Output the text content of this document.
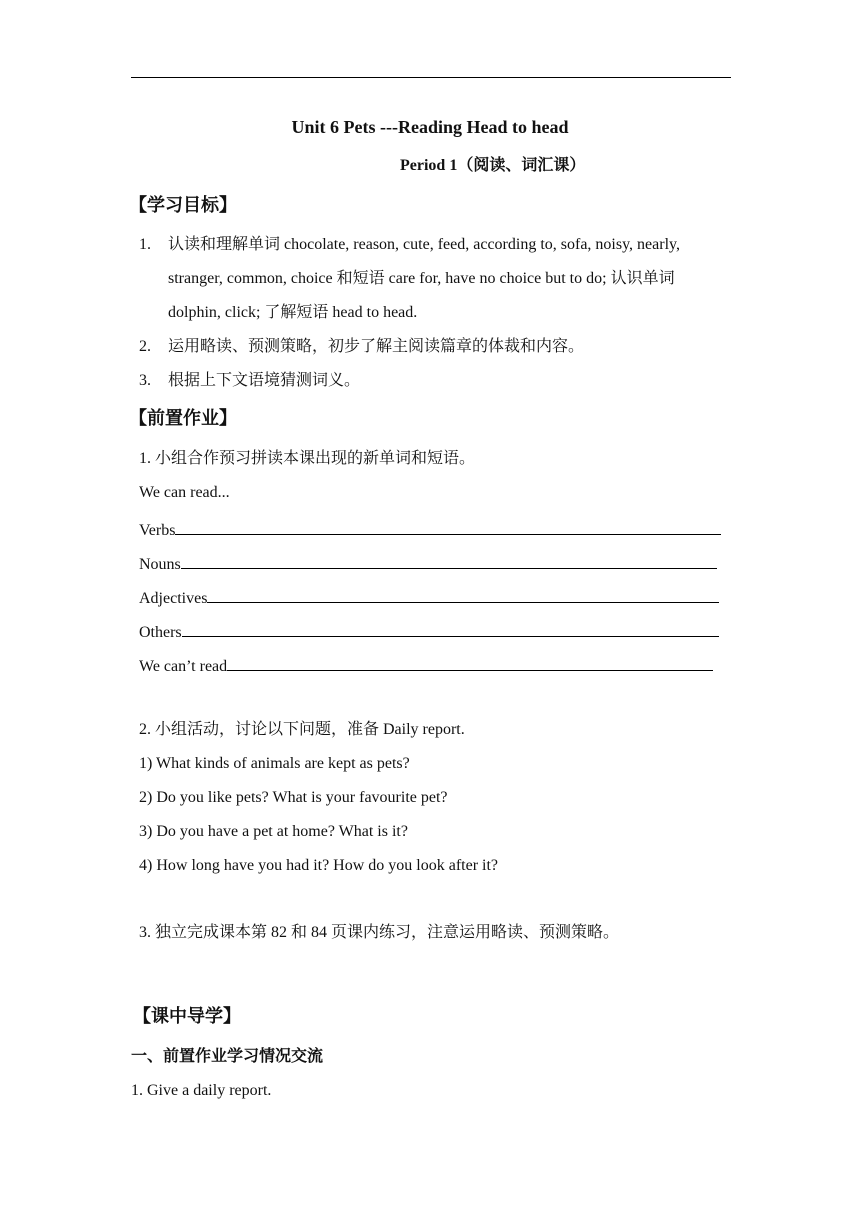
Unit 6 Pets ---Reading Head to head
Period 1（阅读、词汇课）
【学习目标】
1. 认读和理解单词 chocolate, reason, cute, feed, according to, sofa, noisy, nearly,
stranger, common, choice 和短语 care for, have no choice but to do; 认识单词
dolphin, click; 了解短语 head to head.
2. 运用略读、预测策略，初步了解主阅读篇章的体裁和内容。
3. 根据上下文语境猜测词义。
【前置作业】
1. 小组合作预习拼读本课出现的新单词和短语。
We can read...
Verbs
Nouns
Adjectives
Others
We can’t read
2. 小组活动，讨论以下问题，准备 Daily report.
1) What kinds of animals are kept as pets?
2) Do you like pets? What is your favourite pet?
3) Do you have a pet at home? What is it?
4) How long have you had it? How do you look after it?
3. 独立完成课本第 82 和 84 页课内练习，注意运用略读、预测策略。
【课中导学】
一、前置作业学习情况交流
1. Give a daily report.
